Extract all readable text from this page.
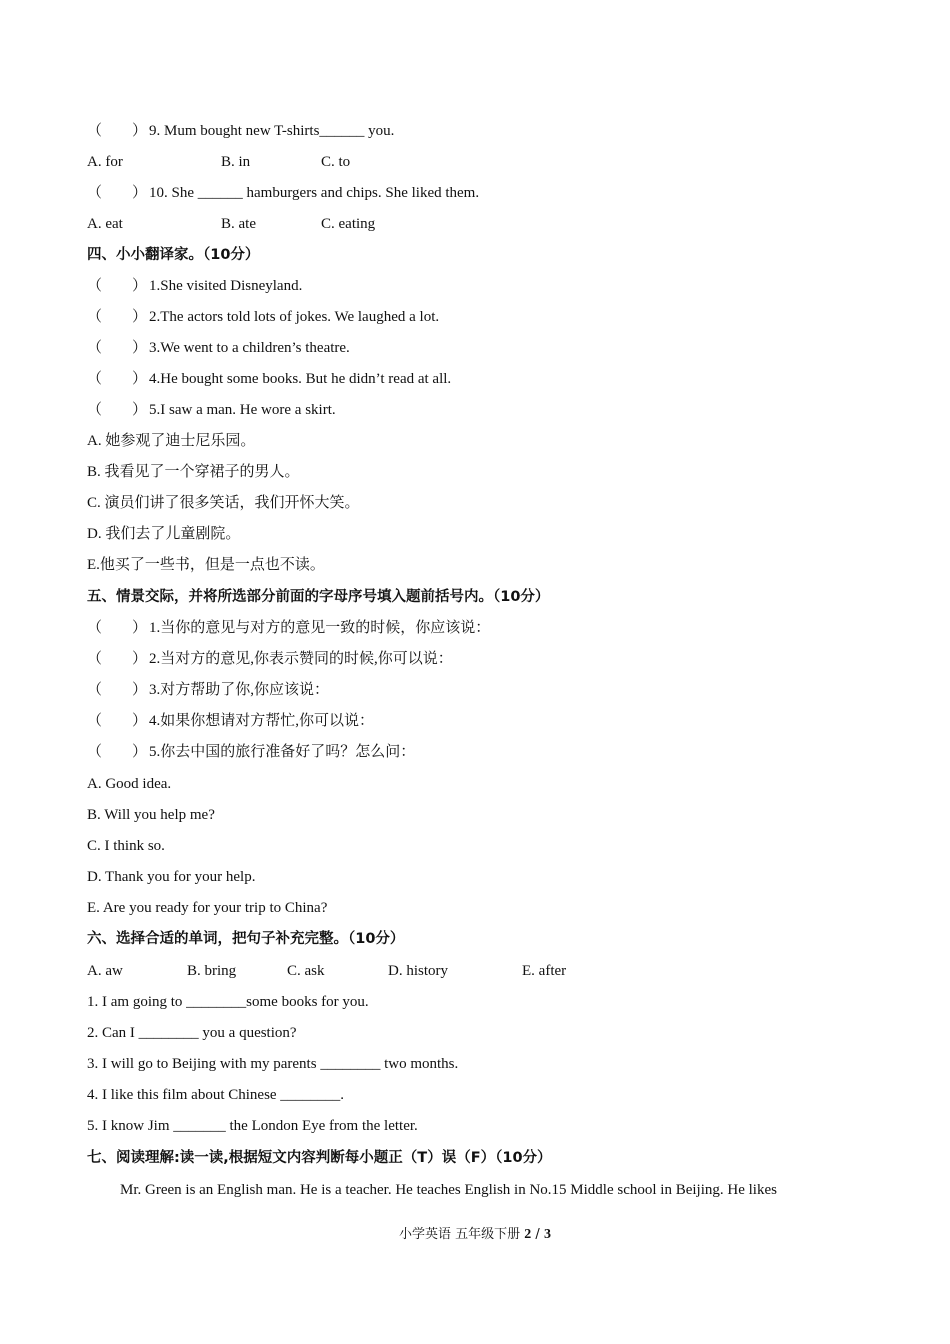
（　　） 9. Mum bought new T-shirts______ you.
A. for	B. in	C. to
（　　） 10. She ______ hamburgers and chips. She liked them.
A. eat	B. ate	C. eating
四、小小翻译家。（10分）
（　　） 1.She visited Disneyland.
（　　） 2.The actors told lots of jokes. We laughed a lot.
（　　） 3.We went to a children’s theatre.
（　　） 4.He bought some books. But he didn’t read at all.
（　　） 5.I saw a man. He wore a skirt.
A. 她参观了迪士尼乐园。
B. 我看见了一个穿裙子的男人。
C. 演员们讲了很多笑话，我们开怀大笑。
D. 我们去了儿童剧院。
E.他买了一些书，但是一点也不读。
五、情景交际，并将所选部分前面的字母序号填入题前括号内。（10分）
（　　） 1.当你的意见与对方的意见一致的时候，你应该说：
（　　） 2.当对方的意见,你表示赞同的时候,你可以说：
（　　） 3.对方帮助了你,你应该说：
（　　） 4.如果你想请对方帮忙,你可以说：
（　　） 5.你去中国的旅行准备好了吗？怎么问：
A. Good idea.
B. Will you help me?
C. I think so.
D. Thank you for your help.
E. Are you ready for your trip to China?
六、选择合适的单词，把句子补充完整。（10分）
A. aw	B. bring	C. ask	D. history	E. after
1. I am going to ________some books for you.
2. Can I ________ you a question?
3. I will go to Beijing with my parents ________ two months.
4. I like this film about Chinese ________.
5. I know Jim _______ the London Eye from the letter.
七、阅读理解:读一读,根据短文内容判断每小题正（T）误（F）（10分）
Mr. Green is an English man. He is a teacher. He teaches English in No.15 Middle school in Beijing. He likes
小学英语 五年级下册 2 / 3
